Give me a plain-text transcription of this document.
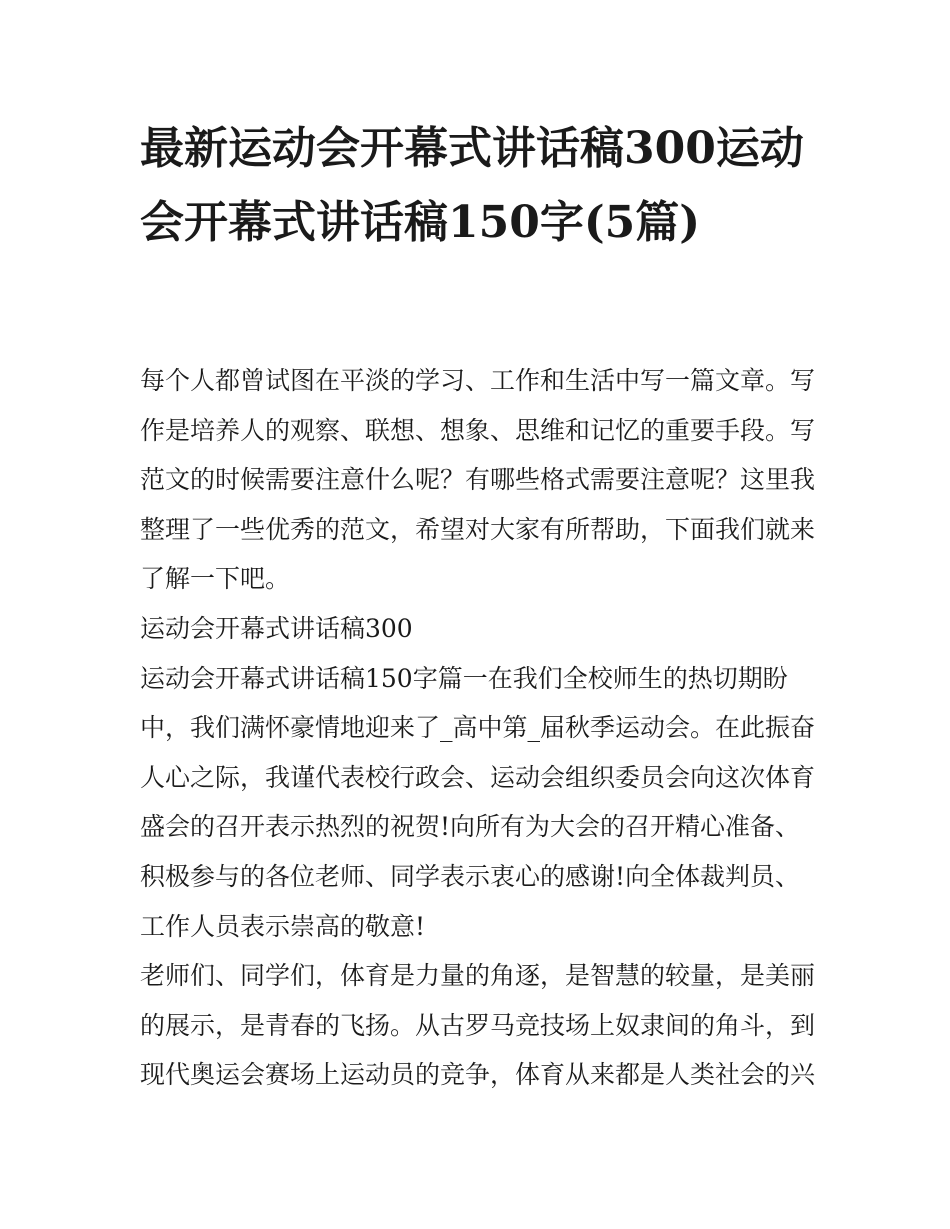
最新运动会开幕式讲话稿300运动会开幕式讲话稿150字(5篇)

每个人都曾试图在平淡的学习、工作和生活中写一篇文章。写作是培养人的观察、联想、想象、思维和记忆的重要手段。写范文的时候需要注意什么呢？有哪些格式需要注意呢？这里我整理了一些优秀的范文，希望对大家有所帮助，下面我们就来了解一下吧。

运动会开幕式讲话稿300

运动会开幕式讲话稿150字篇一在我们全校师生的热切期盼中，我们满怀豪情地迎来了_高中第_届秋季运动会。在此振奋人心之际，我谨代表校行政会、运动会组织委员会向这次体育盛会的召开表示热烈的祝贺!向所有为大会的召开精心准备、积极参与的各位老师、同学表示衷心的感谢!向全体裁判员、工作人员表示崇高的敬意!

老师们、同学们，体育是力量的角逐，是智慧的较量，是美丽的展示，是青春的飞扬。从古罗马竞技场上奴隶间的角斗，到现代奥运会赛场上运动员的竞争，体育从来都是人类社会的兴
